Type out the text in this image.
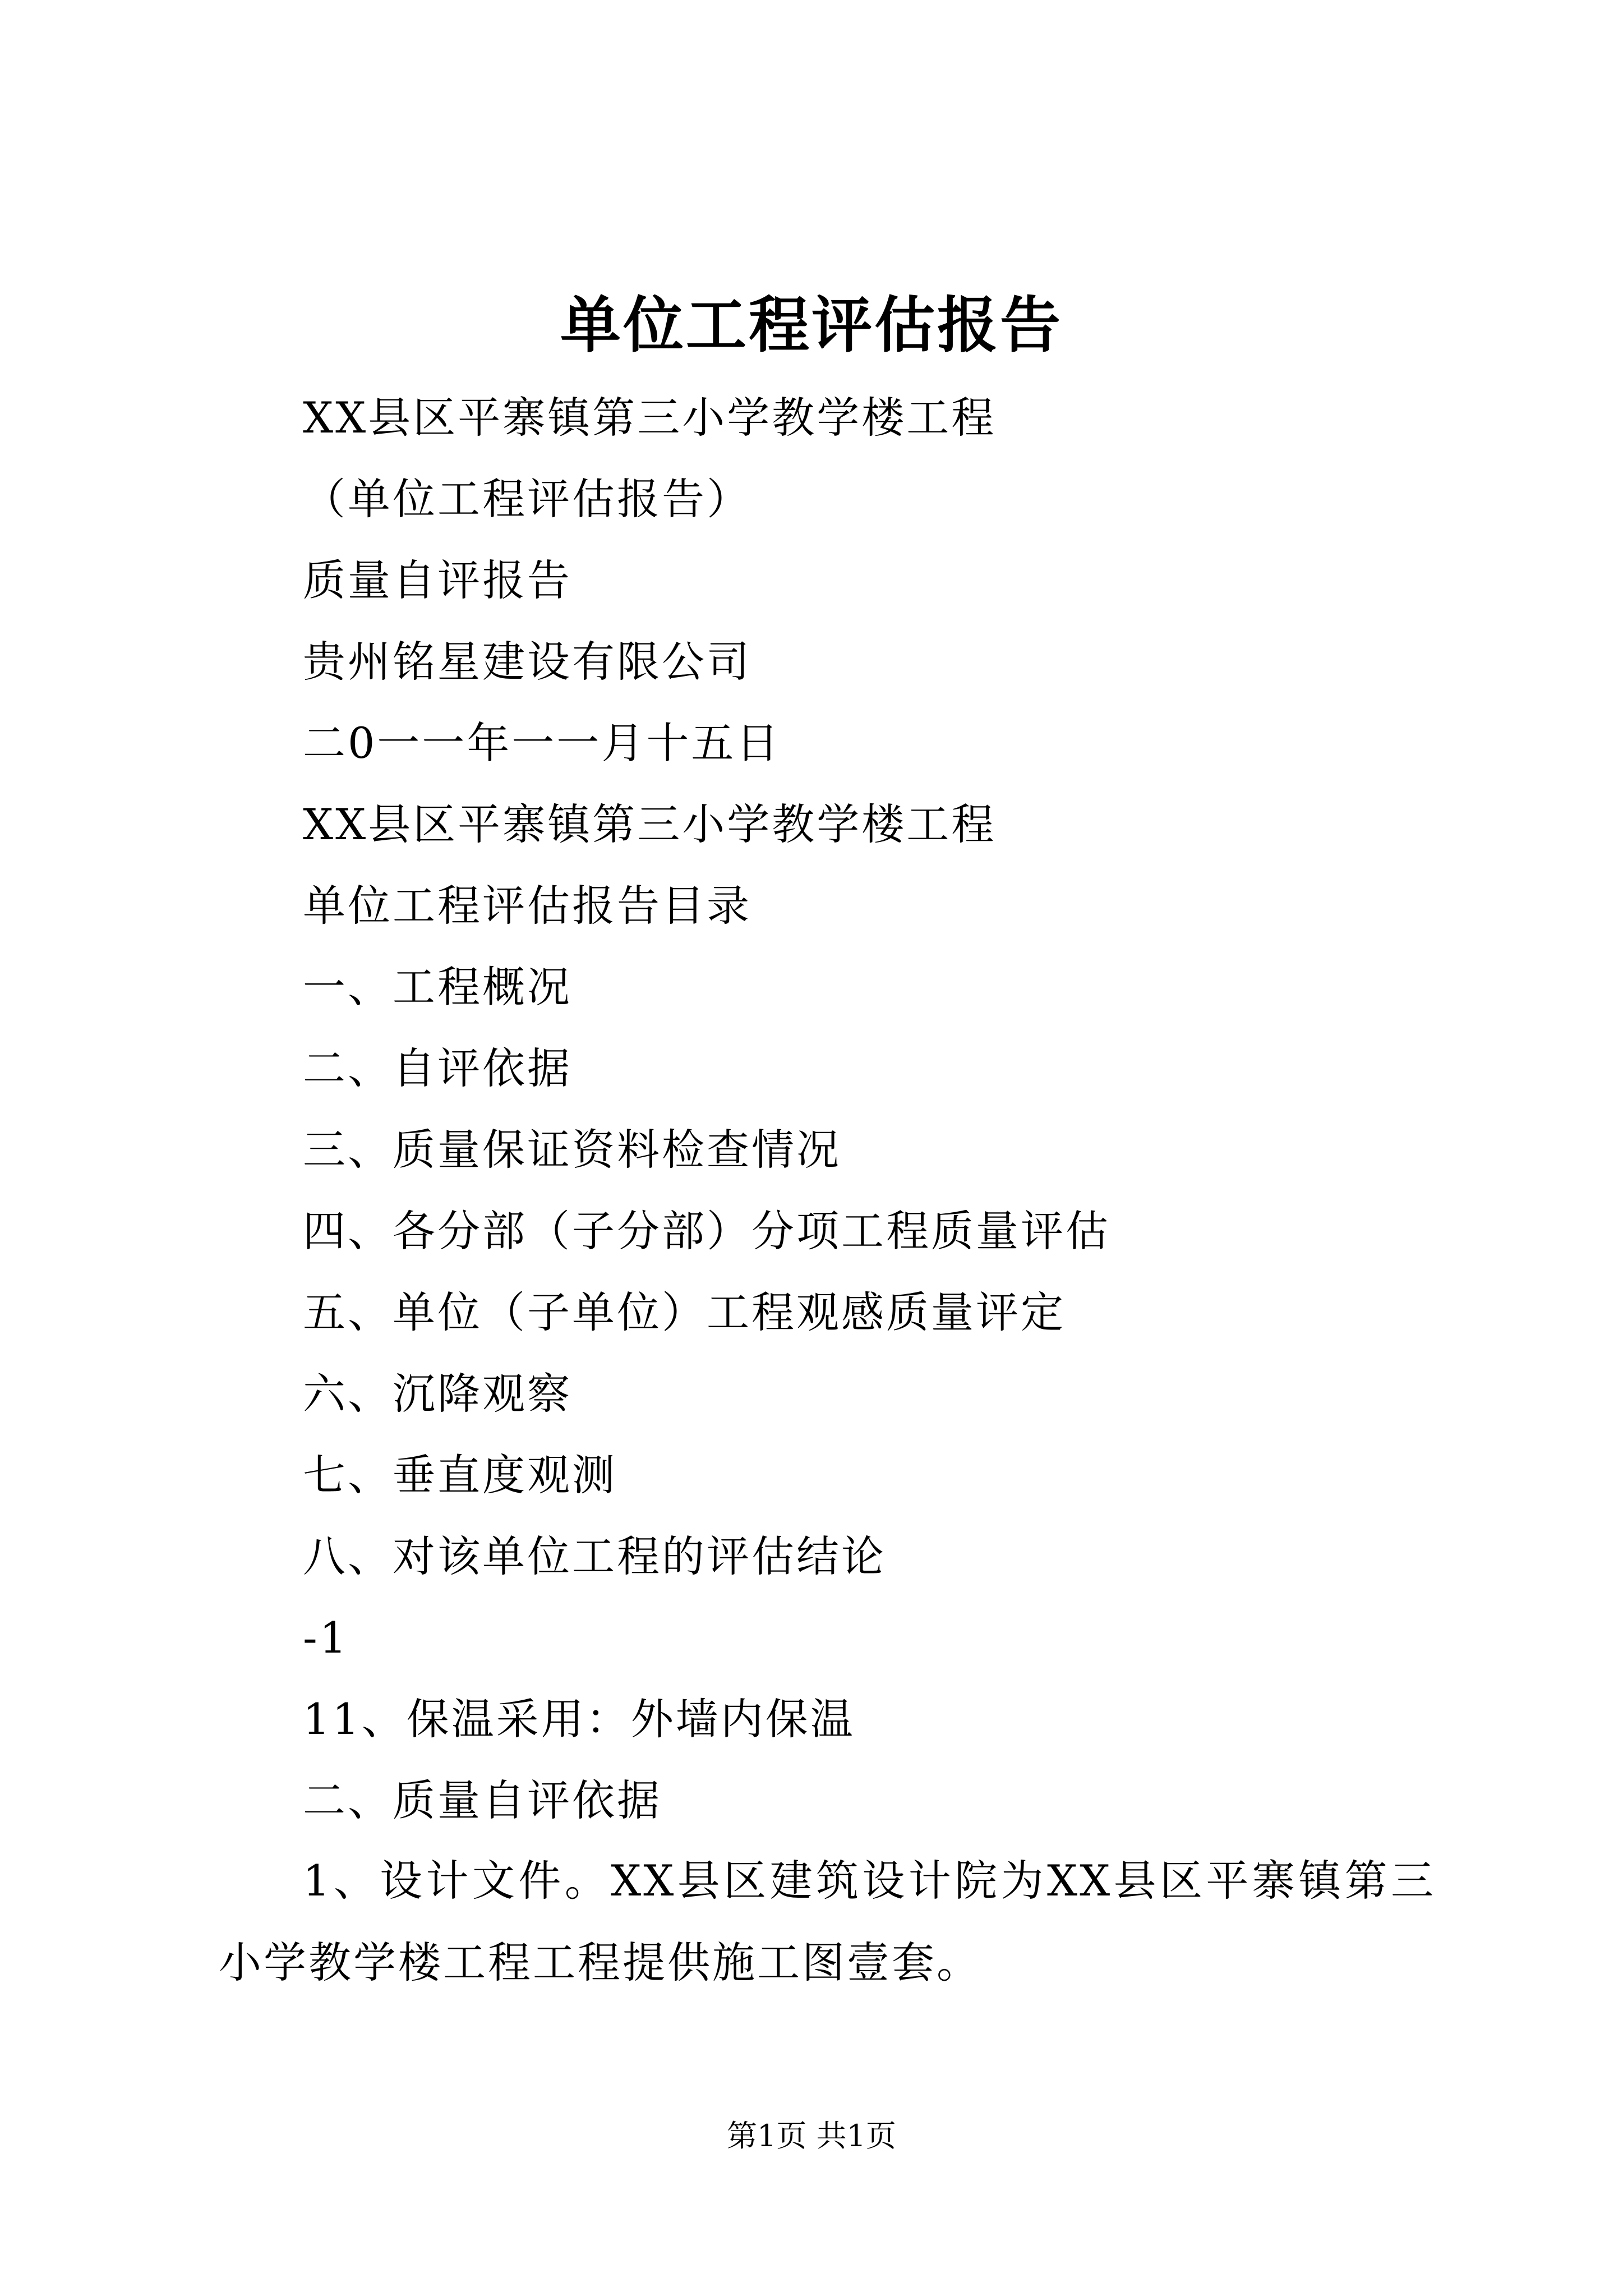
单位工程评估报告
XX县区平寨镇第三小学教学楼工程
（单位工程评估报告）
质量自评报告
贵州铭星建设有限公司
二0一一年一一月十五日
XX县区平寨镇第三小学教学楼工程
单位工程评估报告目录
一、工程概况
二、自评依据
三、质量保证资料检查情况
四、各分部（子分部）分项工程质量评估
五、单位（子单位）工程观感质量评定
六、沉降观察
七、垂直度观测
八、对该单位工程的评估结论
-1
11、保温采用：外墙内保温
二、质量自评依据
1、设计文件。XX县区建筑设计院为XX县区平寨镇第三小学教学楼工程工程提供施工图壹套。
第1页 共1页
